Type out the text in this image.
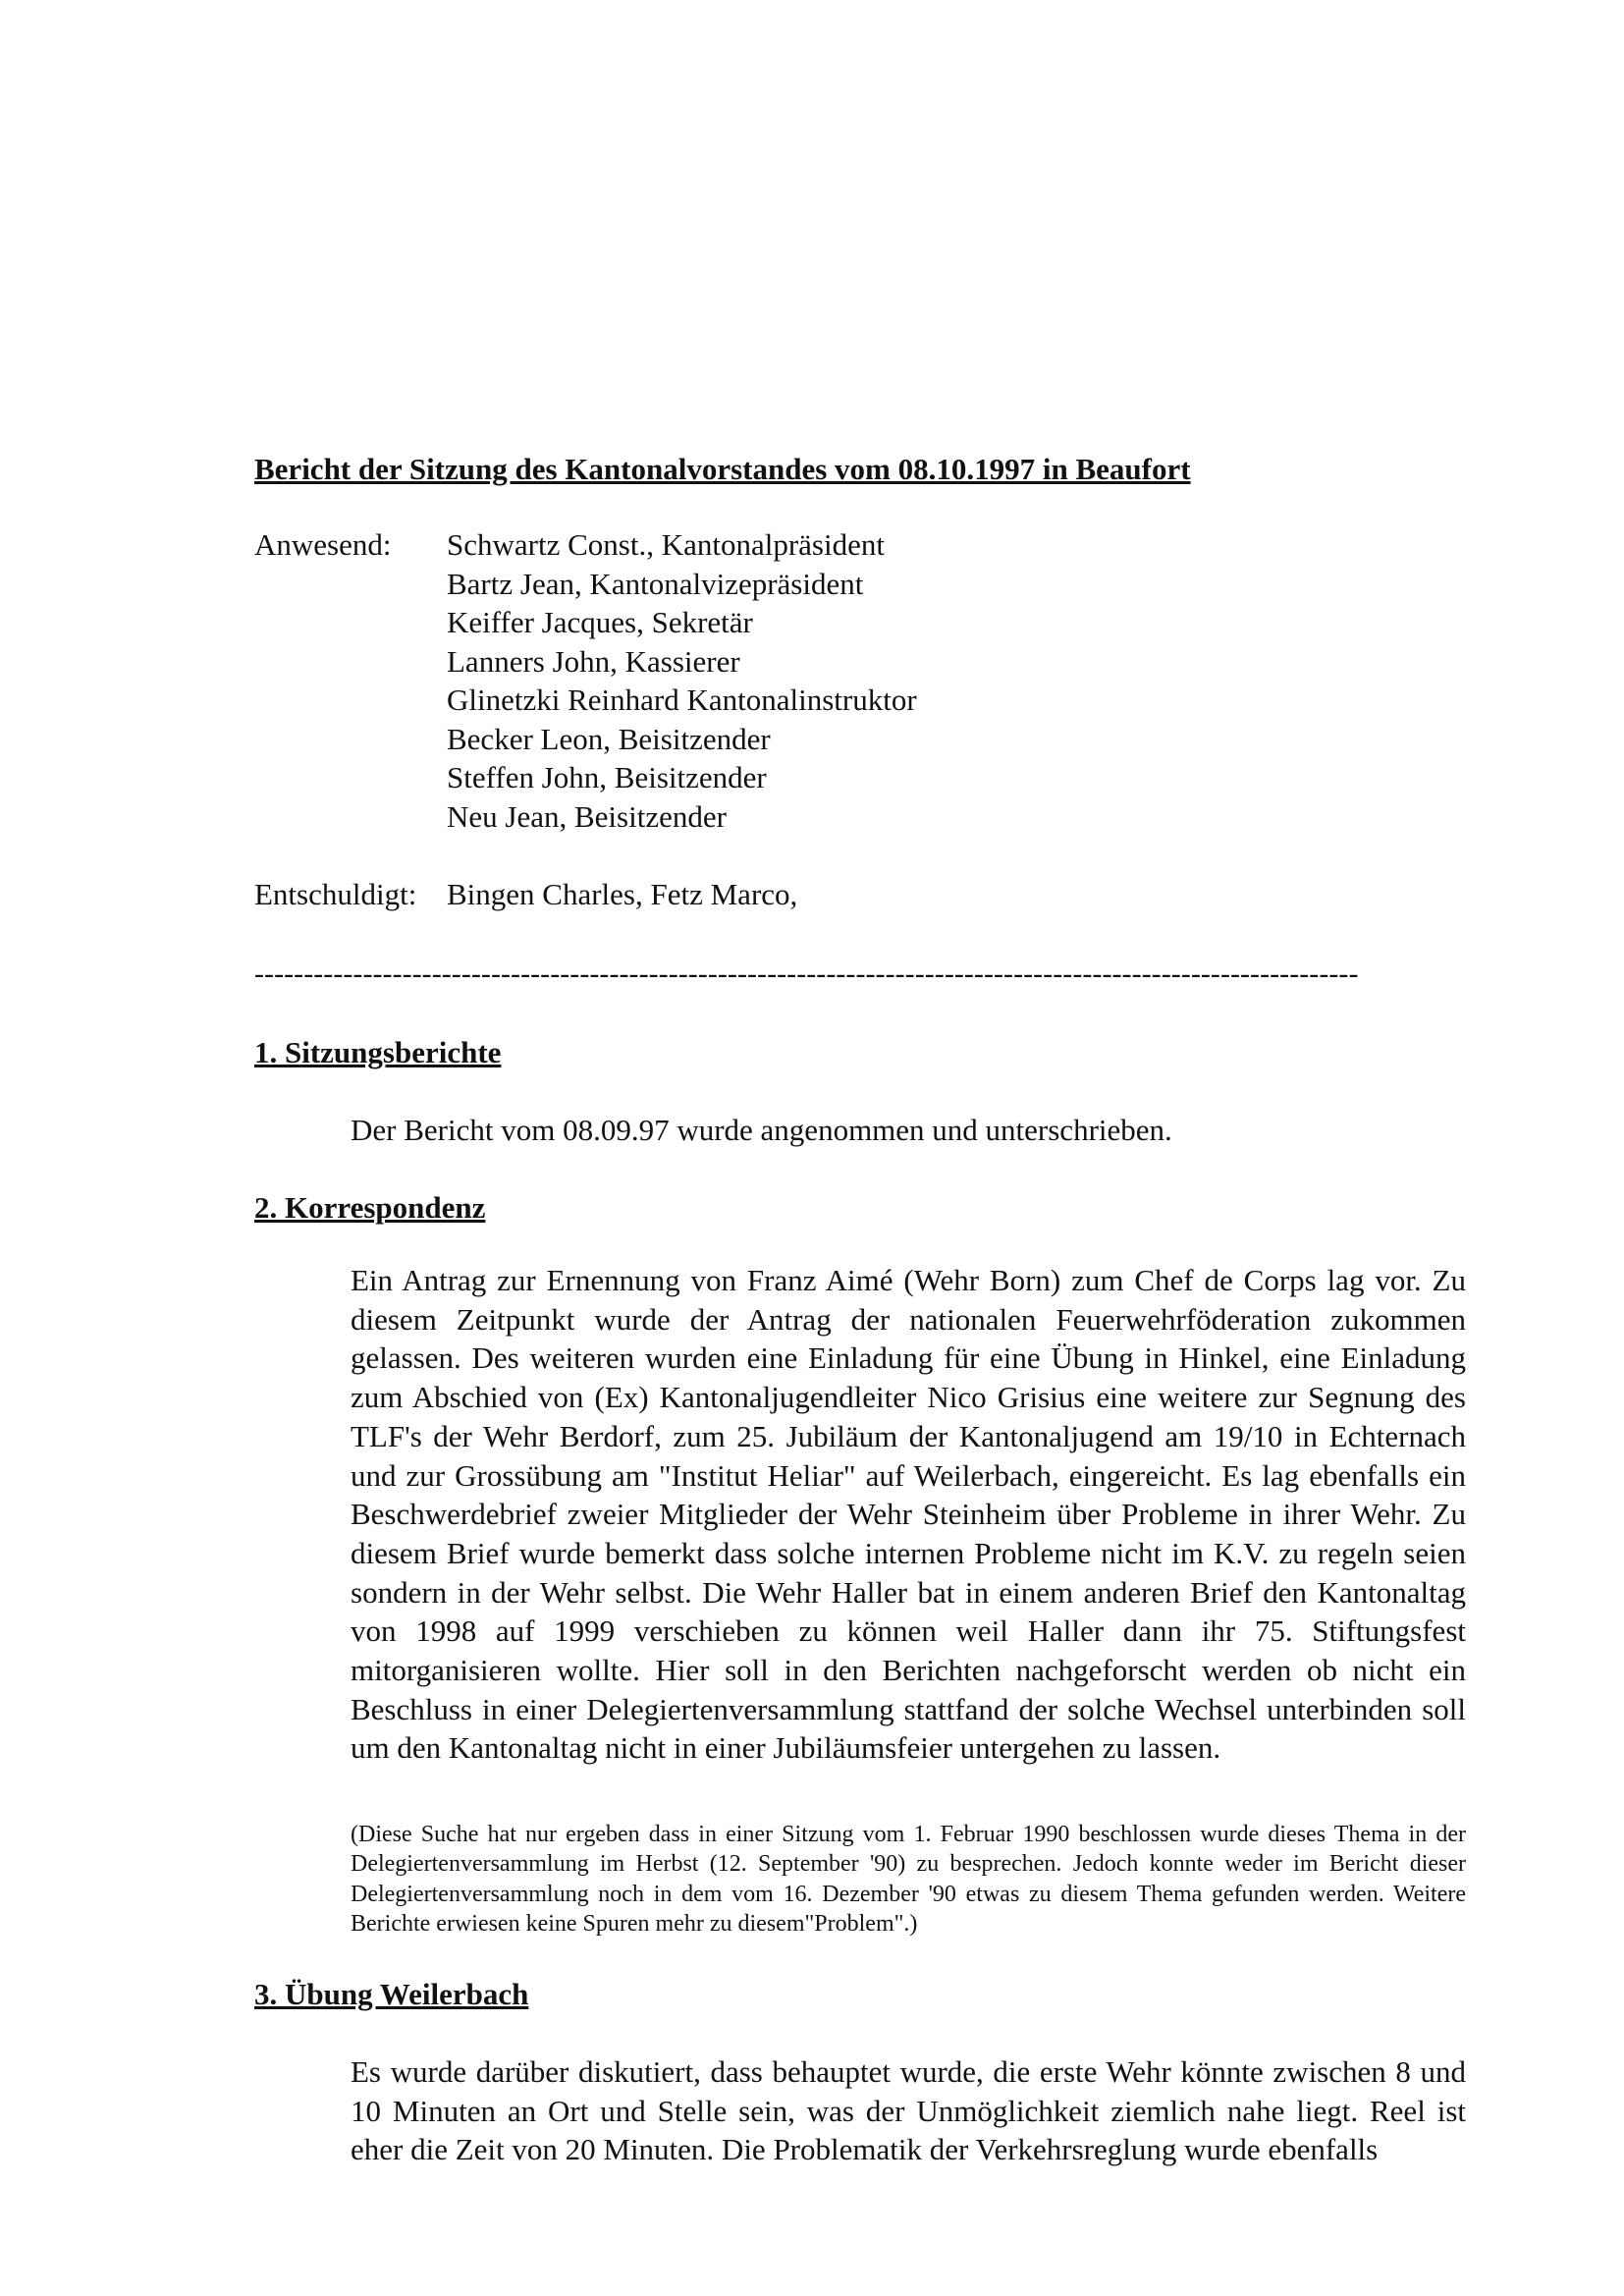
Bericht der Sitzung des Kantonalvorstandes vom 08.10.1997 in Beaufort
Anwesend: Schwartz Const., Kantonalpräsident
Bartz Jean, Kantonalvizepräsident
Keiffer Jacques, Sekretär
Lanners John, Kassierer
Glinetzki Reinhard Kantonalinstruktor
Becker Leon, Beisitzender
Steffen John, Beisitzender
Neu Jean, Beisitzender
Entschuldigt: Bingen Charles, Fetz Marco,
----------------------------------------------------------------------------------------------------------------
1. Sitzungsberichte

Der Bericht vom 08.09.97 wurde angenommen und unterschrieben.

2. Korrespondenz

Ein Antrag zur Ernennung von Franz Aimé (Wehr Born) zum Chef de Corps lag vor. Zu diesem Zeitpunkt wurde der Antrag der nationalen Feuerwehrföderation zukommen gelassen. Des weiteren wurden eine Einladung für eine Übung in Hinkel, eine Einladung zum Abschied von (Ex) Kantonaljugendleiter Nico Grisius eine weitere zur Segnung des TLF's der Wehr Berdorf, zum 25. Jubiläum der Kantonaljugend am 19/10 in Echternach und zur Grossübung am "Institut Heliar" auf Weilerbach, eingereicht. Es lag ebenfalls ein Beschwerdebrief zweier Mitglieder der Wehr Steinheim über Probleme in ihrer Wehr. Zu diesem Brief wurde bemerkt dass solche internen Probleme nicht im K.V. zu regeln seien sondern in der Wehr selbst. Die Wehr Haller bat in einem anderen Brief den Kantonaltag von 1998 auf 1999 verschieben zu können weil Haller dann ihr 75. Stiftungsfest mitorganisieren wollte. Hier soll in den Berichten nachgeforscht werden ob nicht ein Beschluss in einer Delegiertenversammlung stattfand der solche Wechsel unterbinden soll um den Kantonaltag nicht in einer Jubiläumsfeier untergehen zu lassen.

(Diese Suche hat nur ergeben dass in einer Sitzung vom 1. Februar 1990 beschlossen wurde dieses Thema in der Delegiertenversammlung im Herbst (12. September '90) zu besprechen. Jedoch konnte weder im Bericht dieser Delegiertenversammlung noch in dem vom 16. Dezember '90 etwas zu diesem Thema gefunden werden. Weitere Berichte erwiesen keine Spuren mehr zu diesem"Problem".)

3. Übung Weilerbach

Es wurde darüber diskutiert, dass behauptet wurde, die erste Wehr könnte zwischen 8 und 10 Minuten an Ort und Stelle sein, was der Unmöglichkeit ziemlich nahe liegt. Reel ist eher die Zeit von 20 Minuten. Die Problematik der Verkehrsreglung wurde ebenfalls
